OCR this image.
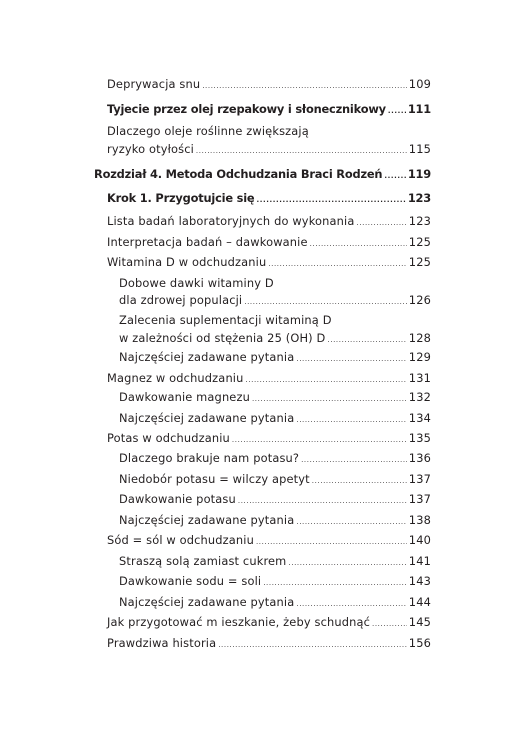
Deprywacja snu .....	109
Tyjecie przez olej rzepakowy i słonecznikowy ..... 111
Dlaczego oleje roślinne zwiększają
ryzyko otyłości .....	115
Rozdział 4. Metoda Odchudzania Braci Rodzeń ..... 119
Krok 1. Przygotujcie się .....	123
Lista badań laboratoryjnych do wykonania .....	123
Interpretacja badań – dawkowanie .....	125
Witamina D w odchudzaniu .....	125
Dobowe dawki witaminy D
dla zdrowej populacji .....	126
Zalecenia suplementacji witaminą D
w zależności od stężenia 25 (OH) D .....	128
Najczęściej zadawane pytania .....	129
Magnez w odchudzaniu .....	131
Dawkowanie magnezu .....	132
Najczęściej zadawane pytania .....	134
Potas w odchudzaniu .....	135
Dlaczego brakuje nam potasu? .....	136
Niedobór potasu = wilczy apetyt .....	137
Dawkowanie potasu .....	137
Najczęściej zadawane pytania .....	138
Sód = sól w odchudzaniu .....	140
Straszą solą zamiast cukrem .....	141
Dawkowanie sodu = soli .....	143
Najczęściej zadawane pytania .....	144
Jak przygotować m ieszkanie, żeby schudnąć .....	145
Prawdziwa historia .....	156
